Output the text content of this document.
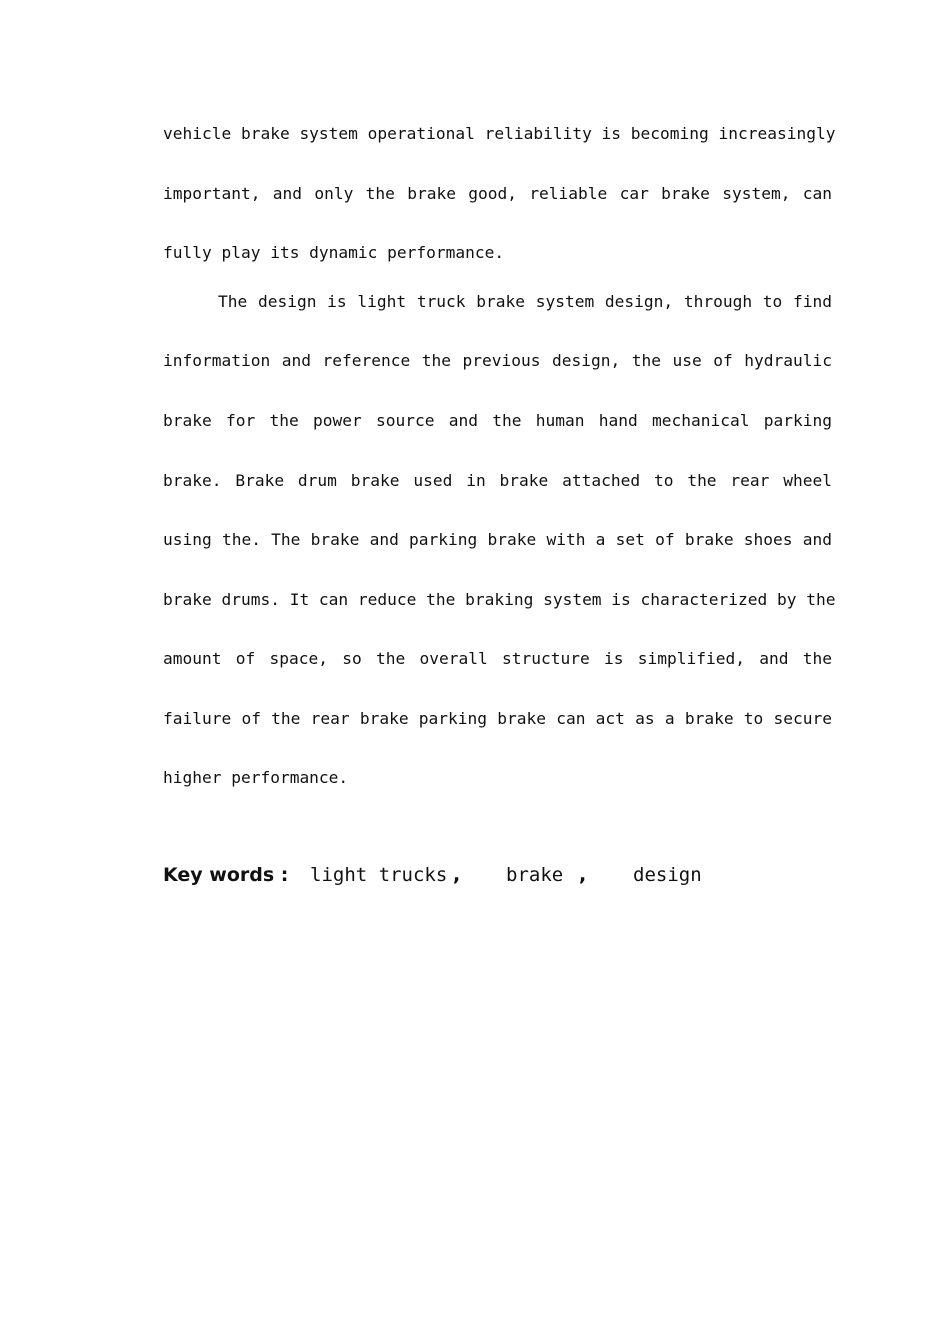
vehicle brake system operational reliability is becoming increasingly
important, and only the brake good, reliable car brake system, can
fully play its dynamic performance.
The design is light truck brake system design, through to find
information and reference the previous design, the use of hydraulic
brake for the power source and the human hand mechanical parking
brake. Brake drum brake used in brake attached to the rear wheel
using the. The brake and parking brake with a set of brake shoes and
brake drums. It can reduce the braking system is characterized by the
amount of space, so the overall structure is simplified, and the
failure of the rear brake parking brake can act as a brake to secure
higher performance.
Key words : light trucks , brake , design
